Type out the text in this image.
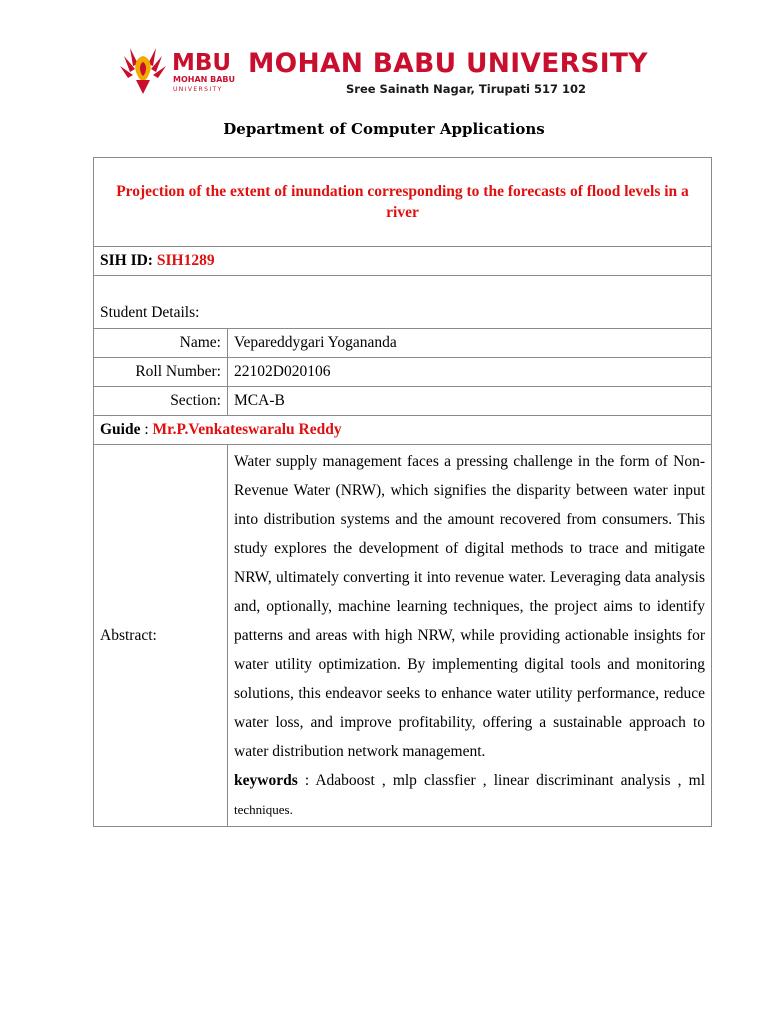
MBU
MOHAN BABU
UNIVERSITY
MOHAN BABU UNIVERSITY
Sree Sainath Nagar, Tirupati 517 102
Department of Computer Applications
Projection of the extent of inundation corresponding to the forecasts of flood levels in a river	
SIH ID: SIH1289	
Student Details:	
Name:	Vepareddygari Yogananda
Roll Number:	22102D020106
Section:	MCA-B
Guide : Mr.P.Venkateswaralu Reddy	
Abstract:	Water supply management faces a pressing challenge in the form of Non-Revenue Water (NRW), which signifies the disparity between water input into distribution systems and the amount recovered from consumers. This study explores the development of digital methods to trace and mitigate NRW, ultimately converting it into revenue water. Leveraging data analysis and, optionally, machine learning techniques, the project aims to identify patterns and areas with high NRW, while providing actionable insights for water utility optimization. By implementing digital tools and monitoring solutions, this endeavor seeks to enhance water utility performance, reduce water loss, and improve profitability, offering a sustainable approach to water distribution network management.
keywords : Adaboost , mlp classfier , linear discriminant analysis , ml techniques.
